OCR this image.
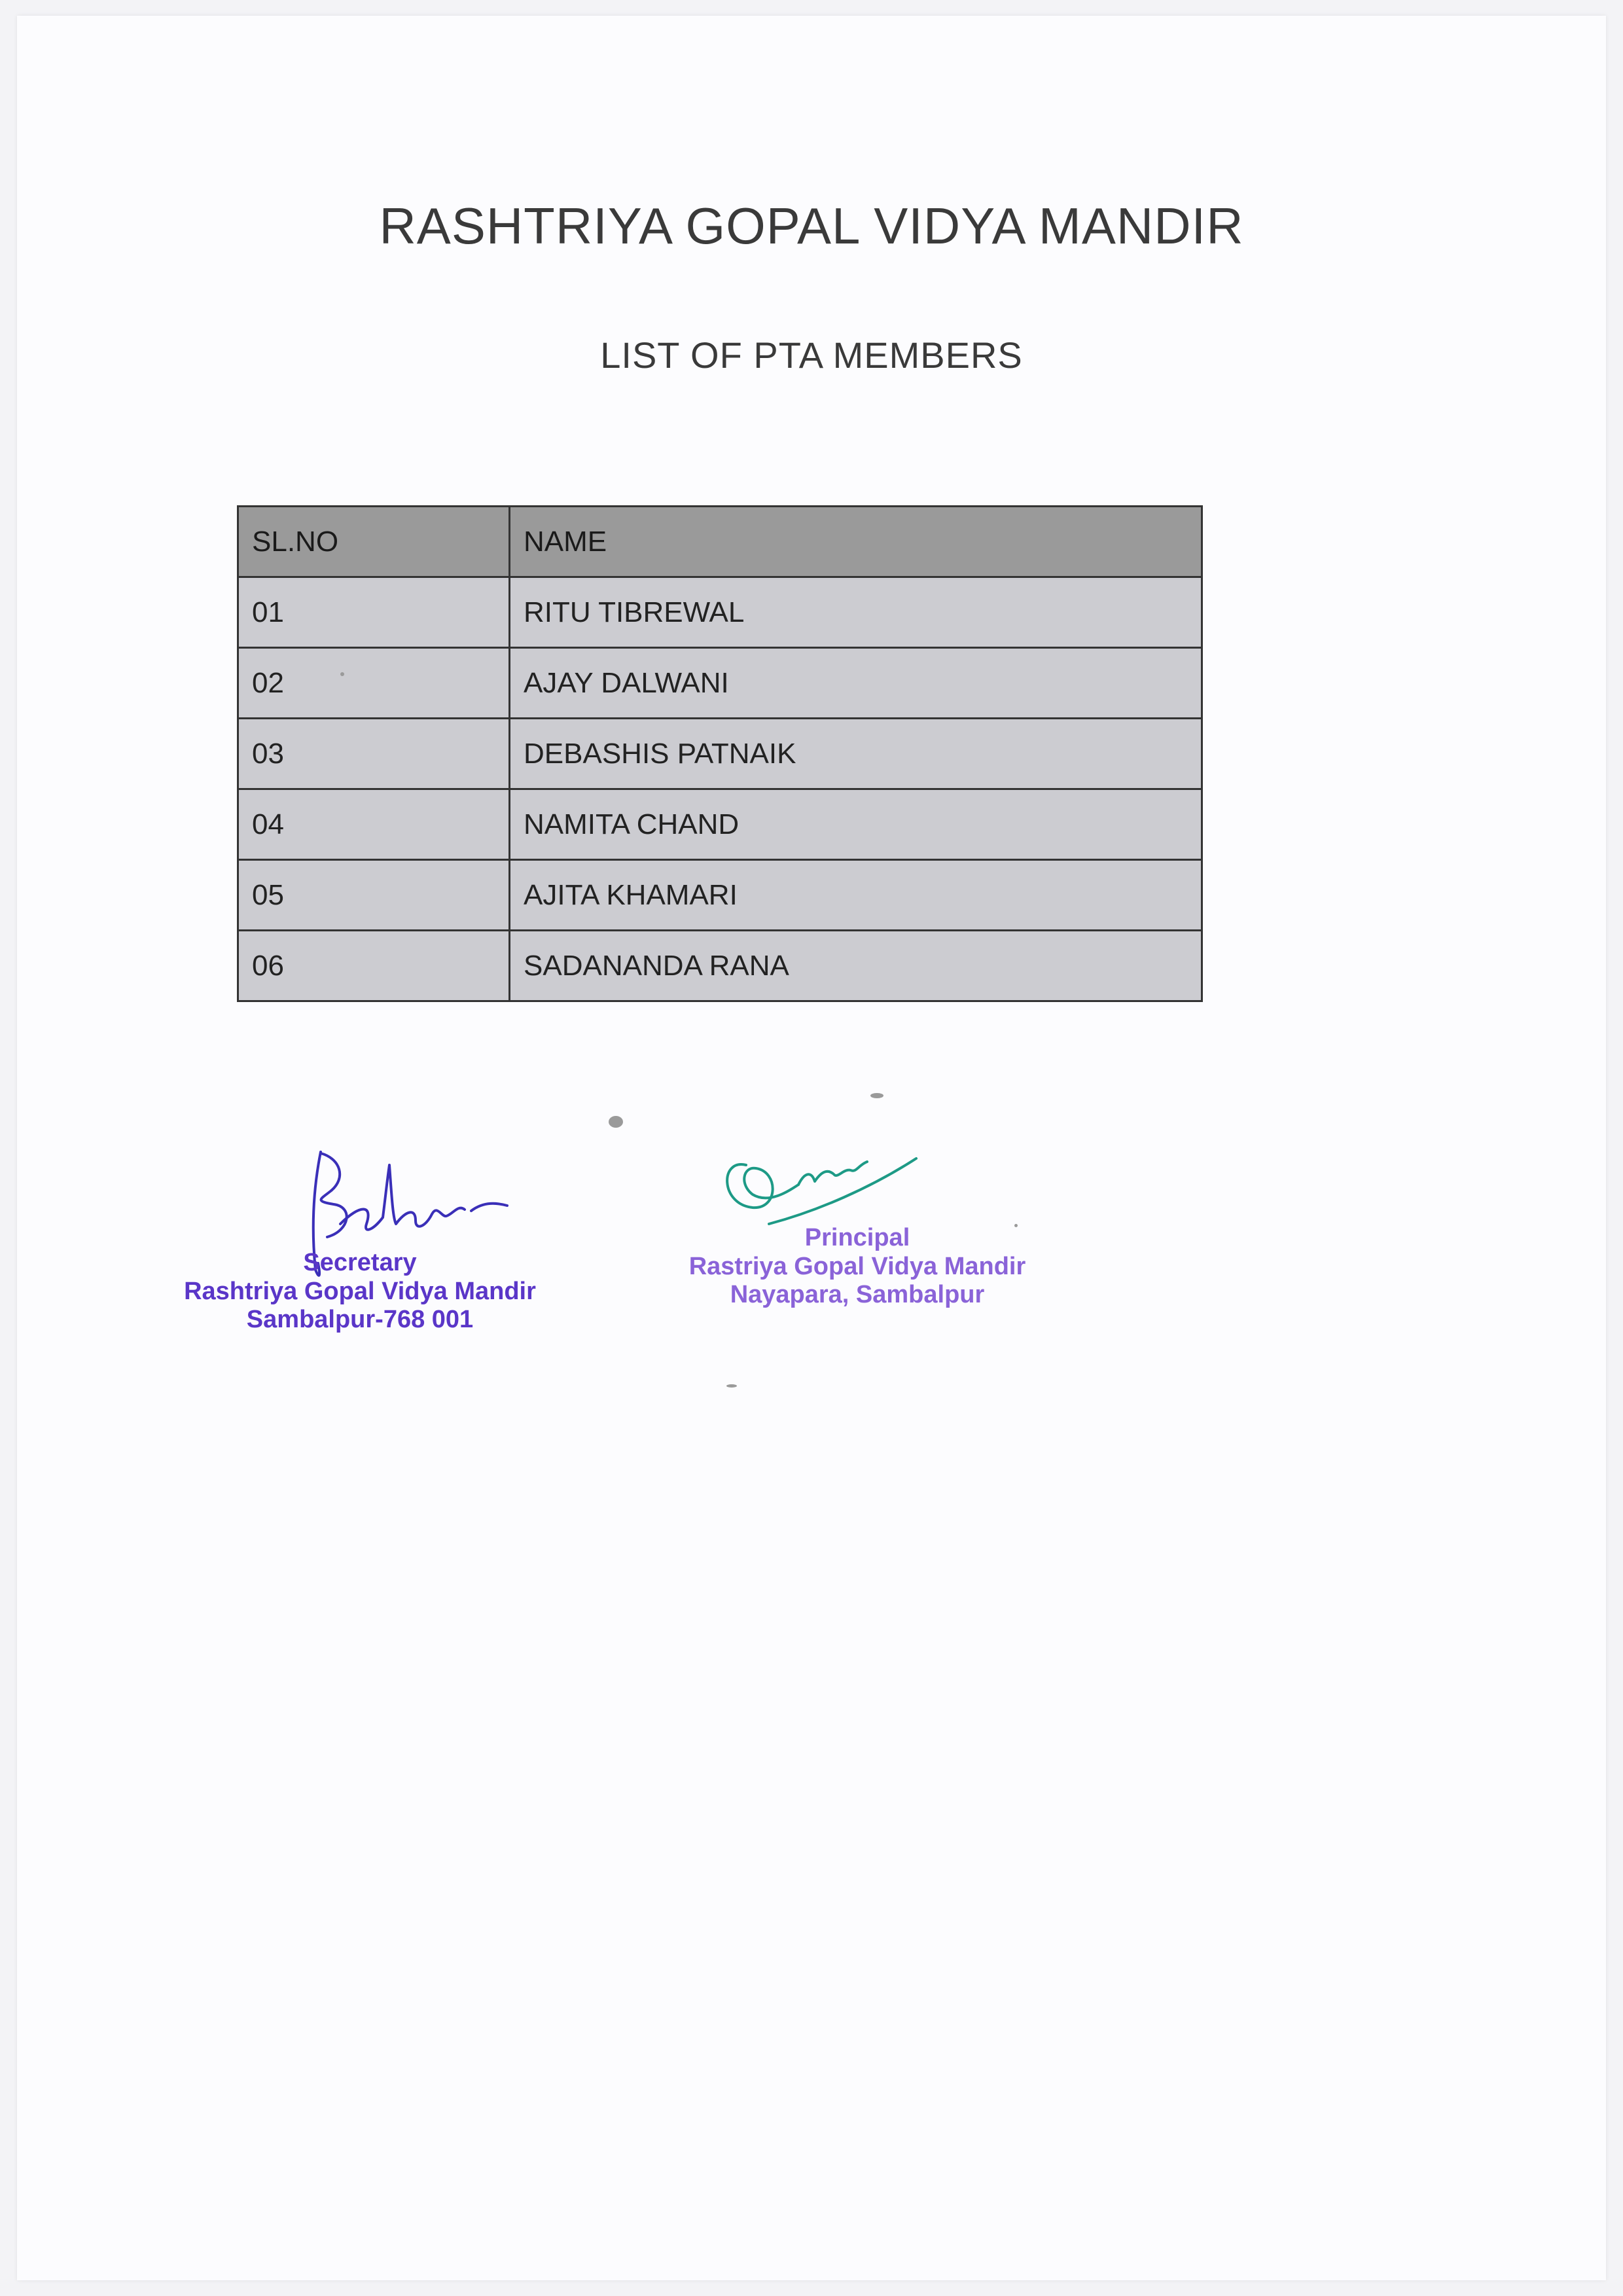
RASHTRIYA GOPAL VIDYA MANDIR
LIST OF PTA MEMBERS
SL.NO	NAME
01	RITU TIBREWAL
02	AJAY DALWANI
03	DEBASHIS PATNAIK
04	NAMITA CHAND
05	AJITA KHAMARI
06	SADANANDA RANA
Secretary
Rashtriya Gopal Vidya Mandir
Sambalpur-768 001
Principal
Rastriya Gopal Vidya Mandir
Nayapara, Sambalpur
